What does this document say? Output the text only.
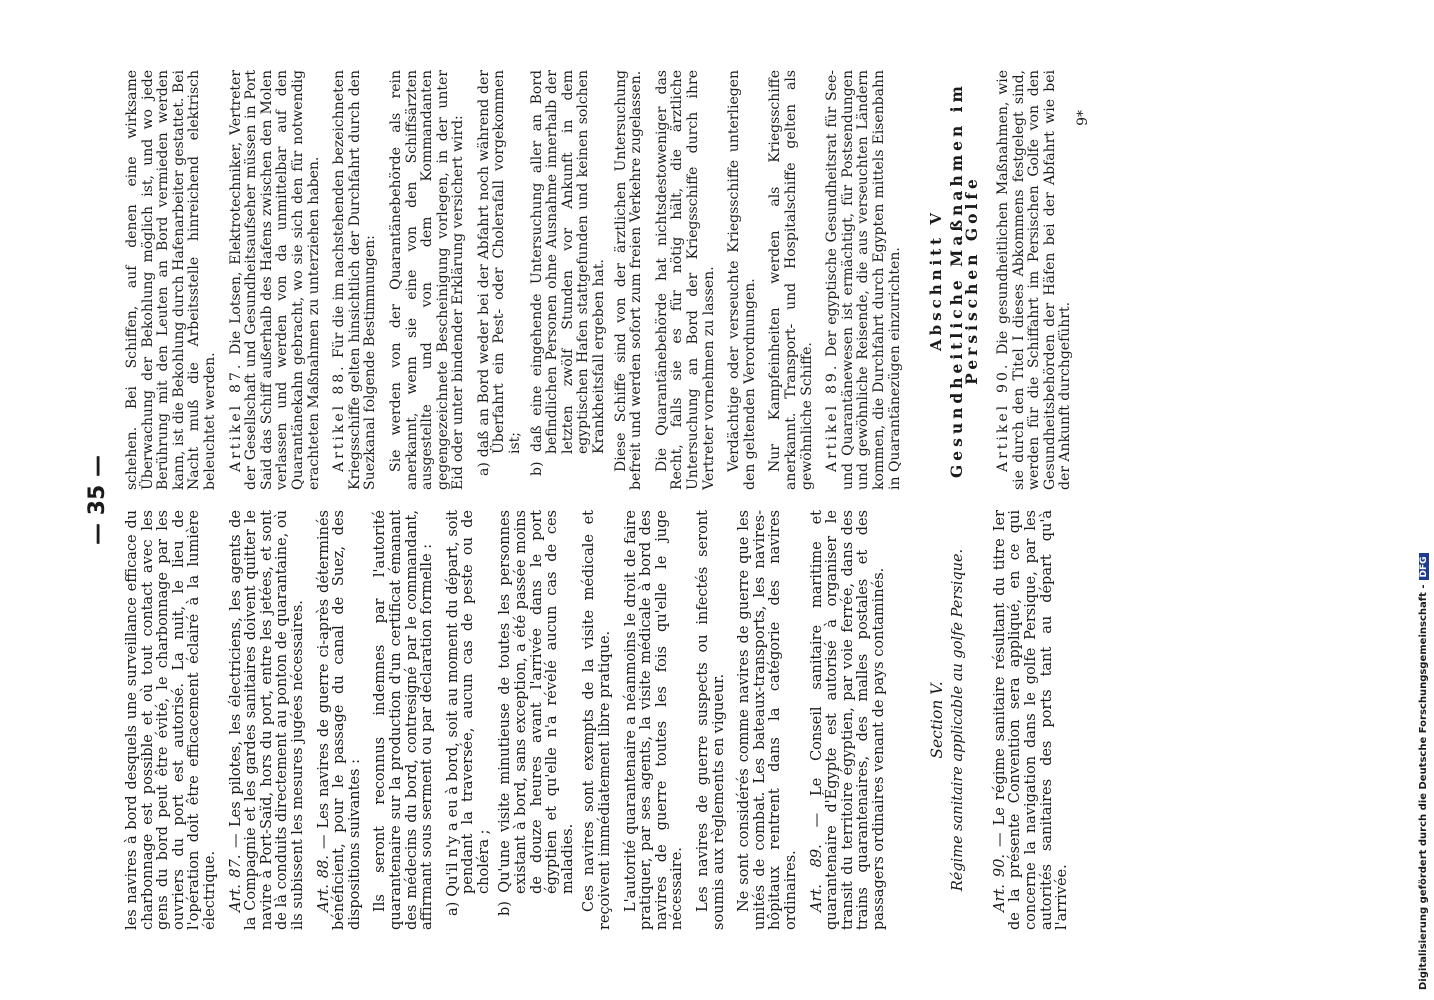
— 35 —

les navires à bord desquels une surveillance efficace du charbonnage est possible et où tout contact avec les gens du bord peut être évité, le charbonnage par les ouvriers du port est autorisé. La nuit, le lieu de l'opération doit être efficacement éclairé à la lumière électrique. Art. 87. — Les pilotes, les électriciens, les agents de la Compagnie et les gardes sanitaires doivent quitter le navire à Port-Saïd, hors du port, entre les jetées, et sont de là conduits directement au ponton de quarantaine, où ils subissent les mesures jugées nécessaires. Art. 88. — Les navires de guerre ci-après déterminés bénéficient, pour le passage du canal de Suez, des dispositions suivantes : Ils seront reconnus indemnes par l'autorité quarantenaire sur la production d'un certificat émanant des médecins du bord, contresigné par le commandant, affirmant sous serment ou par déclaration formelle : a) Qu'il n'y a eu à bord, soit au moment du départ, soit pendant la traversée, aucun cas de peste ou de choléra ; b) Qu'une visite minutieuse de toutes les personnes existant à bord, sans exception, a été passée moins de douze heures avant l'arrivée dans le port égyptien et qu'elle n'a révélé aucun cas de ces maladies. Ces navires sont exempts de la visite médicale et reçoivent immédiatement libre pratique. L'autorité quarantenaire a néanmoins le droit de faire pratiquer, par ses agents, la visite médicale à bord des navires de guerre toutes les fois qu'elle le juge nécessaire. Les navires de guerre suspects ou infectés seront soumis aux règlements en vigueur. Ne sont considérés comme navires de guerre que les unités de combat. Les bateaux-transports, les navires-hôpitaux rentrent dans la catégorie des navires ordinaires. Art. 89. — Le Conseil sanitaire maritime et quarantenaire d'Égypte est autorisé à organiser le transit du territoire égyptien, par voie ferrée, dans des trains quarantenaires, des malles postales et des passagers ordinaires venant de pays contaminés.	Section V. Régime sanitaire applicable au golfe Persique. Art. 90. — Le régime sanitaire résultant du titre Ier de la présente Convention sera appliqué, en ce qui concerne la navigation dans le golfe Persique, par les autorités sanitaires des ports tant au départ qu'à l'arrivée.

schehen. Bei Schiffen, auf denen eine wirksame Überwachung der Bekohlung möglich ist, und wo jede Berührung mit den Leuten an Bord vermieden werden kann, ist die Bekohlung durch Hafenarbeiter gestattet. Bei Nacht muß die Arbeitsstelle hinreichend elektrisch beleuchtet werden. Artikel 87. Die Lotsen, Elektrotechniker, Vertreter der Gesellschaft und Gesundheitsaufseher müssen in Port Said das Schiff außerhalb des Hafens zwischen den Molen verlassen und werden von da unmittelbar auf den Quarantänekahn gebracht, wo sie sich den für notwendig erachteten Maßnahmen zu unterziehen haben. Artikel 88. Für die im nachstehenden bezeichneten Kriegsschiffe gelten hinsichtlich der Durchfahrt durch den Suezkanal folgende Bestimmungen: Sie werden von der Quarantänebehörde als rein anerkannt, wenn sie eine von den Schiffsärzten ausgestellte und von dem Kommandanten gegengezeichnete Bescheinigung vorlegen, in der unter Eid oder unter bindender Erklärung versichert wird: a) daß an Bord weder bei der Abfahrt noch während der Überfahrt ein Pest- oder Cholerafall vorgekommen ist; b) daß eine eingehende Untersuchung aller an Bord befindlichen Personen ohne Ausnahme innerhalb der letzten zwölf Stunden vor Ankunft in dem egyptischen Hafen stattgefunden und keinen solchen Krankheitsfall ergeben hat. Diese Schiffe sind von der ärztlichen Untersuchung befreit und werden sofort zum freien Verkehre zugelassen. Die Quarantänebehörde hat nichtsdestoweniger das Recht, falls sie es für nötig hält, die ärztliche Untersuchung an Bord der Kriegsschiffe durch ihre Vertreter vornehmen zu lassen. Verdächtige oder verseuchte Kriegsschiffe unterliegen den geltenden Verordnungen. Nur Kampfeinheiten werden als Kriegsschiffe anerkannt. Transport- und Hospitalschiffe gelten als gewöhnliche Schiffe. Artikel 89. Der egyptische Gesundheitsrat für See- und Quarantänewesen ist ermächtigt, für Postsendungen und gewöhnliche Reisende, die aus verseuchten Ländern kommen, die Durchfahrt durch Egypten mittels Eisenbahn in Quarantänezügen einzurichten. Abschnitt V Gesundheitliche Maßnahmen im Persischen Golfe

Artikel 90. Die gesundheitlichen Maßnahmen, wie sie durch den Titel I dieses Abkommens festgelegt sind, werden für die Schiffahrt im Persischen Golfe von den Gesundheitsbehörden der Häfen bei der Abfahrt wie bei der Ankunft durchgeführt.

9*
Digitalisierung gefördert durch die Deutsche Forschungsgemeinschaft -DFG
